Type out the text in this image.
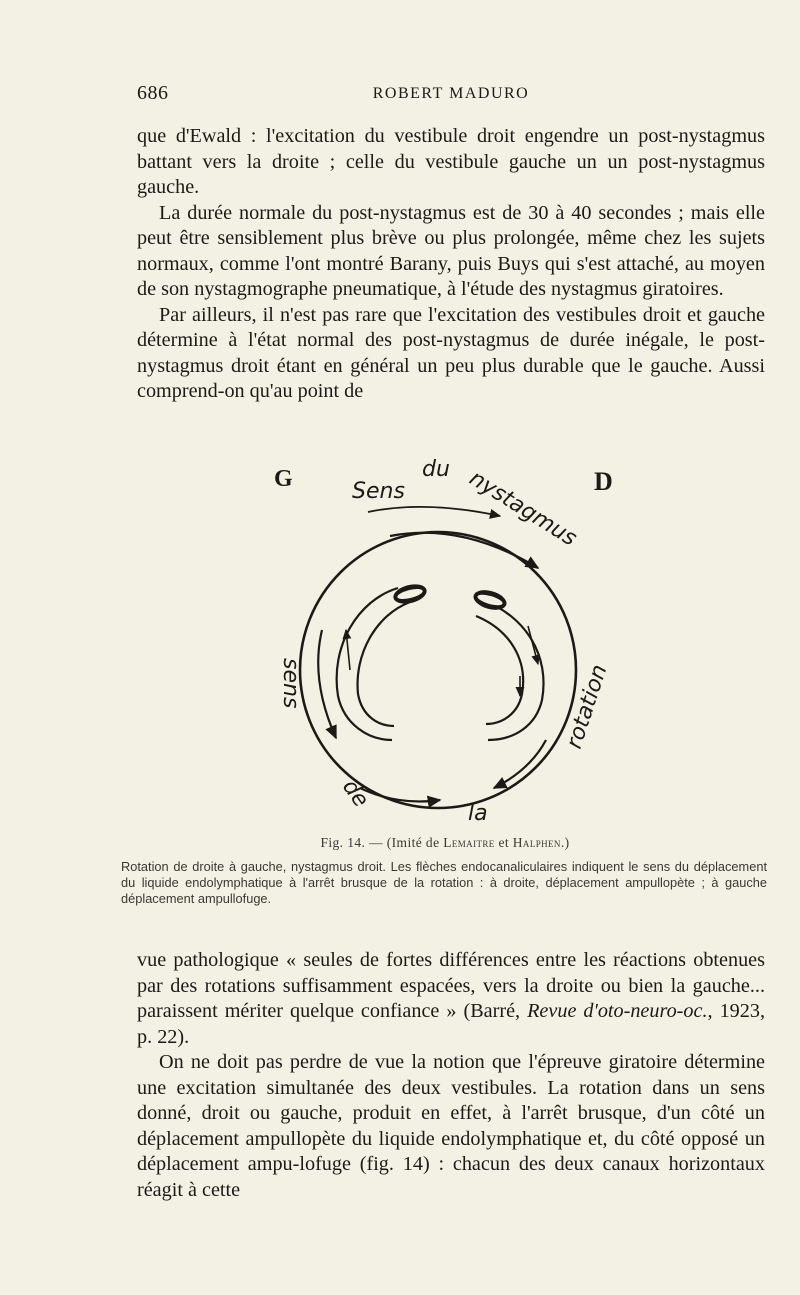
686	ROBERT MADURO

que d'Ewald : l'excitation du vestibule droit engendre un post-nystagmus battant vers la droite ; celle du vestibule gauche un un post-nystagmus gauche.

La durée normale du post-nystagmus est de 30 à 40 secondes ; mais elle peut être sensiblement plus brève ou plus prolongée, même chez les sujets normaux, comme l'ont montré Barany, puis Buys qui s'est attaché, au moyen de son nystagmographe pneumatique, à l'étude des nystagmus giratoires.

Par ailleurs, il n'est pas rare que l'excitation des vestibules droit et gauche détermine à l'état normal des post-nystagmus de durée inégale, le post-nystagmus droit étant en général un peu plus durable que le gauche. Aussi comprend-on qu'au point de

G	D
Sens
du nystagmus
sens
de
la
rotation
Fig. 14. — (Imité de Lemaitre et Halphen.)
Rotation de droite à gauche, nystagmus droit. Les flèches endocanaliculaires indiquent le sens du déplacement du liquide endolymphatique à l'arrêt brusque de la rotation : à droite, déplacement ampullopète ; à gauche déplacement ampullofuge.

vue pathologique « seules de fortes différences entre les réactions obtenues par des rotations suffisamment espacées, vers la droite ou bien la gauche... paraissent mériter quelque confiance » (Barré, Revue d'oto-neuro-oc., 1923, p. 22).

On ne doit pas perdre de vue la notion que l'épreuve giratoire détermine une excitation simultanée des deux vestibules. La rotation dans un sens donné, droit ou gauche, produit en effet, à l'arrêt brusque, d'un côté un déplacement ampullopète du liquide endolymphatique et, du côté opposé un déplacement ampu-lofuge (fig. 14) : chacun des deux canaux horizontaux réagit à cette
